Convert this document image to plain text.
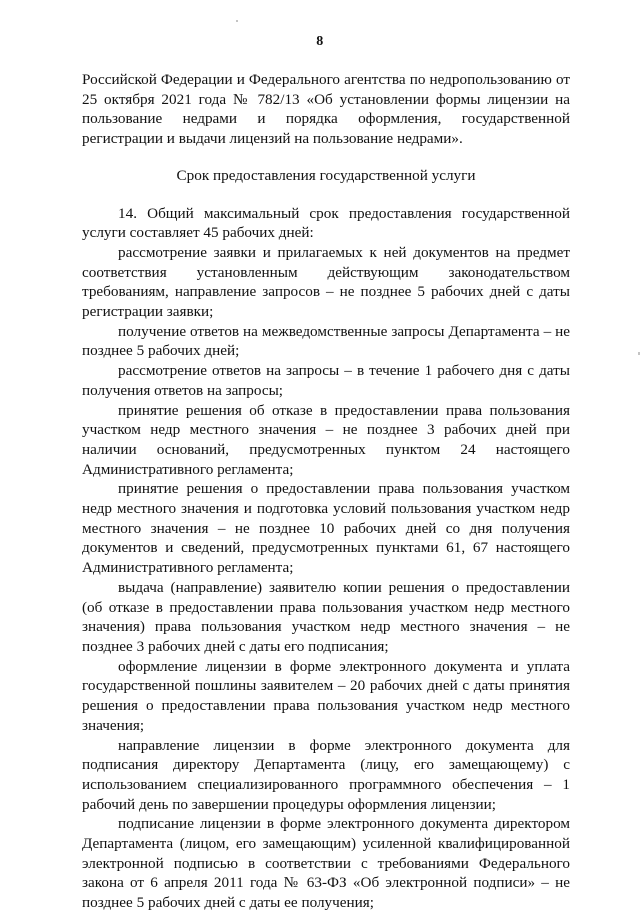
8

Российской Федерации и Федерального агентства по недропользованию от 25 октября 2021 года № 782/13 «Об установлении формы лицензии на пользование недрами и порядка оформления, государственной регистрации и выдачи лицензий на пользование недрами».

Срок предоставления государственной услуги

14. Общий максимальный срок предоставления государственной услуги составляет 45 рабочих дней:

рассмотрение заявки и прилагаемых к ней документов на предмет соответствия установленным действующим законодательством требованиям, направление запросов – не позднее 5 рабочих дней с даты регистрации заявки;

получение ответов на межведомственные запросы Департамента – не позднее 5 рабочих дней;

рассмотрение ответов на запросы – в течение 1 рабочего дня с даты получения ответов на запросы;

принятие решения об отказе в предоставлении права пользования участком недр местного значения – не позднее 3 рабочих дней при наличии оснований, предусмотренных пунктом 24 настоящего Административного регламента;

принятие решения о предоставлении права пользования участком недр местного значения и подготовка условий пользования участком недр местного значения – не позднее 10 рабочих дней со дня получения документов и сведений, предусмотренных пунктами 61, 67 настоящего Административного регламента;

выдача (направление) заявителю копии решения о предоставлении (об отказе в предоставлении права пользования участком недр местного значения) права пользования участком недр местного значения – не позднее 3 рабочих дней с даты его подписания;

оформление лицензии в форме электронного документа и уплата государственной пошлины заявителем – 20 рабочих дней с даты принятия решения о предоставлении права пользования участком недр местного значения;

направление лицензии в форме электронного документа для подписания директору Департамента (лицу, его замещающему) с использованием специализированного программного обеспечения – 1 рабочий день по завершении процедуры оформления лицензии;

подписание лицензии в форме электронного документа директором Департамента (лицом, его замещающим) усиленной квалифицированной электронной подписью в соответствии с требованиями Федерального закона от 6 апреля 2011 года № 63-ФЗ «Об электронной подписи» – не позднее 5 рабочих дней с даты ее получения;
